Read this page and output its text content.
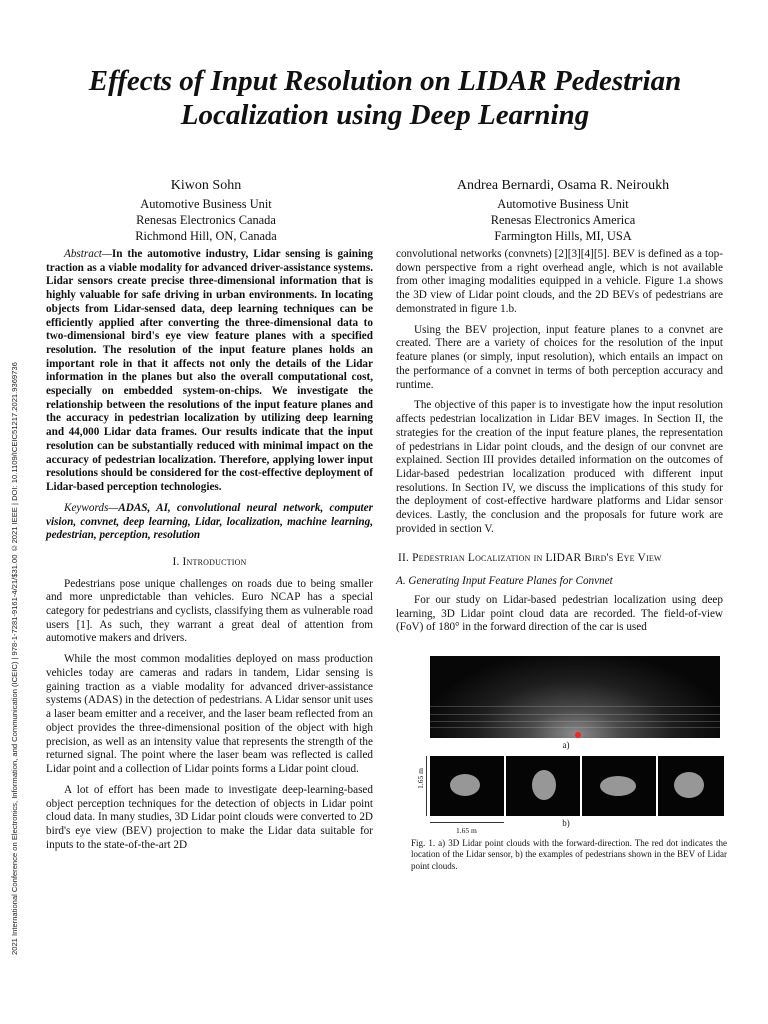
2021 International Conference on Electronics, Information, and Communication (ICEIC) | 978-1-7281-9161-4/21/$31.00 ©2021 IEEE | DOI: 10.1109/ICEIC51217.2021.9369736
Effects of Input Resolution on LIDAR Pedestrian Localization using Deep Learning
Kiwon Sohn
Automotive Business Unit
Renesas Electronics Canada
Richmond Hill, ON, Canada
Andrea Bernardi, Osama R. Neiroukh
Automotive Business Unit
Renesas Electronics America
Farmington Hills, MI, USA

Abstract—In the automotive industry, Lidar sensing is gaining traction as a viable modality for advanced driver-assistance systems. Lidar sensors create precise three-dimensional information that is highly valuable for safe driving in urban environments. In locating objects from Lidar-sensed data, deep learning techniques can be efficiently applied after converting the three-dimensional data to two-dimensional bird's eye view feature planes with a specified resolution. The resolution of the input feature planes holds an important role in that it affects not only the details of the Lidar information in the planes but also the overall computational cost, especially on embedded system-on-chips. We investigate the relationship between the resolutions of the input feature planes and the accuracy in pedestrian localization by utilizing deep learning and 44,000 Lidar data frames. Our results indicate that the input resolution can be substantially reduced with minimal impact on the accuracy of pedestrian localization. Therefore, applying lower input resolutions should be considered for the cost-effective deployment of Lidar-based perception technologies.

Keywords—ADAS, AI, convolutional neural network, computer vision, convnet, deep learning, Lidar, localization, machine learning, pedestrian, perception, resolution

I. Introduction

Pedestrians pose unique challenges on roads due to being smaller and more unpredictable than vehicles. Euro NCAP has a special category for pedestrians and cyclists, classifying them as vulnerable road users [1]. As such, they warrant a great deal of attention from automotive makers and drivers.

While the most common modalities deployed on mass production vehicles today are cameras and radars in tandem, Lidar sensing is gaining traction as a viable modality for advanced driver-assistance systems (ADAS) in the detection of pedestrians. A Lidar sensor unit uses a laser beam emitter and a receiver, and the laser beam reflected from an object provides the three-dimensional position of the object with high precision, as well as an intensity value that represents the strength of the returned signal. The point where the laser beam was reflected is called Lidar point and a collection of Lidar points forms a Lidar point cloud.

A lot of effort has been made to investigate deep-learning-based object perception techniques for the detection of objects in Lidar point cloud data. In many studies, 3D Lidar point clouds were converted to 2D bird's eye view (BEV) projection to make the Lidar data suitable for inputs to the state-of-the-art 2D

convolutional networks (convnets) [2][3][4][5]. BEV is defined as a top-down perspective from a right overhead angle, which is not available from other imaging modalities equipped in a vehicle. Figure 1.a shows the 3D view of Lidar point clouds, and the 2D BEVs of pedestrians are demonstrated in figure 1.b.

Using the BEV projection, input feature planes to a convnet are created. There are a variety of choices for the resolution of the input feature planes (or simply, input resolution), which entails an impact on the performance of a convnet in terms of both perception accuracy and runtime.

The objective of this paper is to investigate how the input resolution affects pedestrian localization in Lidar BEV images. In Section II, the strategies for the creation of the input feature planes, the representation of pedestrians in Lidar point clouds, and the design of our convnet are explained. Section III provides detailed information on the outcomes of Lidar-based pedestrian localization produced with different input resolutions. In Section IV, we discuss the implications of this study for the deployment of cost-effective hardware platforms and Lidar sensor devices. Lastly, the conclusion and the proposals for future work are provided in section V.

II. Pedestrian Localization in LIDAR Bird's Eye View
A. Generating Input Feature Planes for Convnet

For our study on Lidar-based pedestrian localization using deep learning, 3D Lidar point cloud data are recorded. The field-of-view (FoV) of 180° in the forward direction of the car is used

a)
1.65 m
1.65 m
b)
Fig. 1. a) 3D Lidar point clouds with the forward-direction. The red dot indicates the location of the Lidar sensor, b) the examples of pedestrians shown in the BEV of Lidar point clouds.
